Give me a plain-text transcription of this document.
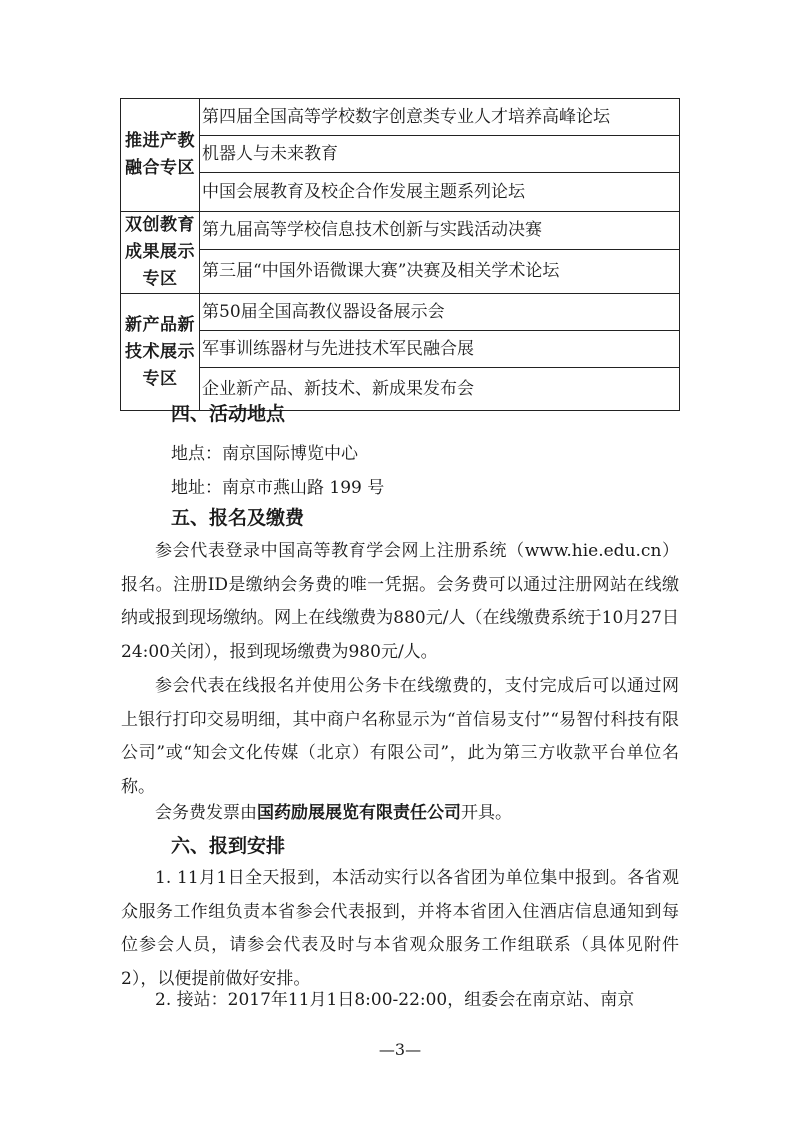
推进产教
融合专区	第四届全国高等学校数字创意类专业人才培养高峰论坛
	机器人与未来教育
	中国会展教育及校企合作发展主题系列论坛

双创教育
成果展示
专区	第九届高等学校信息技术创新与实践活动决赛
	第三届“中国外语微课大赛”决赛及相关学术论坛

新产品新
技术展示
专区	第50届全国高教仪器设备展示会
	军事训练器材与先进技术军民融合展
	企业新产品、新技术、新成果发布会
四、活动地点
地点：南京国际博览中心
地址：南京市燕山路 199 号
五、报名及缴费
参会代表登录中国高等教育学会网上注册系统（www.hie.edu.cn）报名。注册ID是缴纳会务费的唯一凭据。会务费可以通过注册网站在线缴纳或报到现场缴纳。网上在线缴费为880元/人（在线缴费系统于10月27日24:00关闭），报到现场缴费为980元/人。
参会代表在线报名并使用公务卡在线缴费的，支付完成后可以通过网上银行打印交易明细，其中商户名称显示为“首信易支付”“易智付科技有限公司”或“知会文化传媒（北京）有限公司”，此为第三方收款平台单位名称。
会务费发票由国药励展展览有限责任公司开具。
六、报到安排
1. 11月1日全天报到，本活动实行以各省团为单位集中报到。各省观众服务工作组负责本省参会代表报到，并将本省团入住酒店信息通知到每位参会人员，请参会代表及时与本省观众服务工作组联系（具体见附件2），以便提前做好安排。
2. 接站：2017年11月1日8:00-22:00，组委会在南京站、南京
—3—
